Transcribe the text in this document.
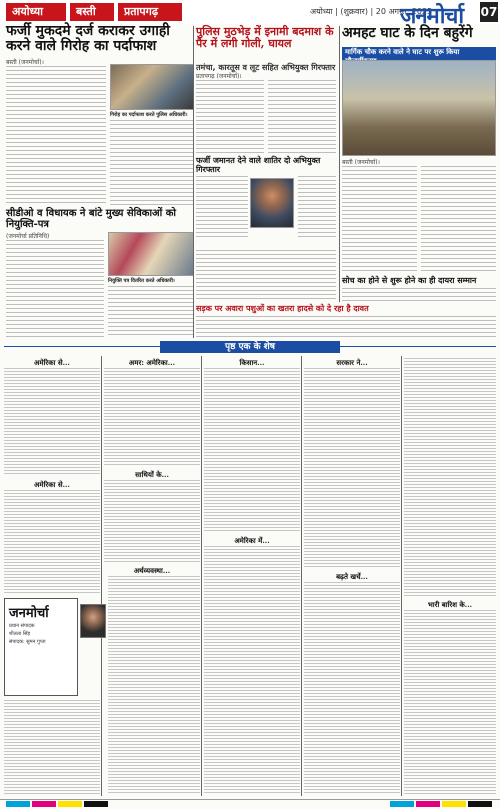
अयोध्या	बस्ती	प्रतापगढ़	अयोध्या | (शुक्रवार) | 20 अगस्त, 2025
जनमोर्चा 07
फर्जी मुकदमे दर्ज कराकर उगाही करने वाले गिरोह का पर्दाफाश
बस्ती (जनमोर्चा)।
गिरोह का पर्दाफाश करते पुलिस अधिकारी।
सीडीओ व विधायक ने बांटे मुख्य सेविकाओं को नियुक्ति-पत्र
(जनमोर्चा प्रतिनिधि)
नियुक्ति पत्र वितरित करते अधिकारी।
पुलिस मुठभेड़ में इनामी बदमाश के पैर में लगी गोली, घायल
तमंचा, कारतूस व लूट सहित अभियुक्त गिरफ्तार
प्रतापगढ़ (जनमोर्चा)।
फर्जी जमानत देने वाले शातिर दो अभियुक्त गिरफ्तार
सड़क पर अवारा पशुओं का खतरा हादसे को दे रहा है दावत
अमहट घाट के दिन बहुरेंगे
मार्गिक चौक करने वाले ने घाट पर शुरू किया
बस्ती (जनमोर्चा)।
सोच का होने से शुरू होने का ही दायरा सम्मान
पृष्ठ एक के शेष
अमेरिका से...
अमेरिका से...
अमर: अमेरिका...
साथियों के...
अर्थव्यवस्था...
किसान...
अमेरिका में...
सरकार ने...
बढ़ते खर्चे...
भारी बारिश के...
जनमोर्चा
प्रधान संपादक
शीतला सिंह
संपादक: सुमन गुप्ता
